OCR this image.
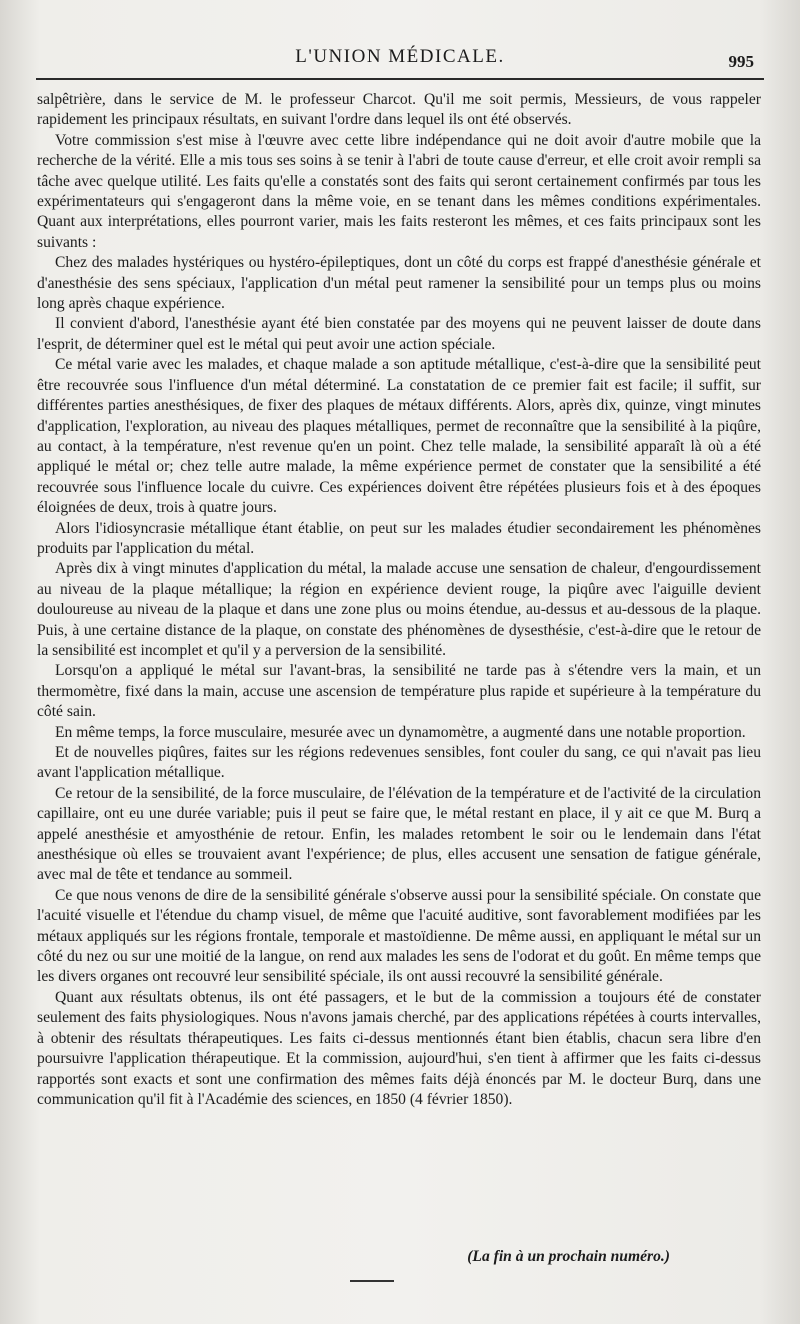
L'UNION MÉDICALE.	995

salpêtrière, dans le service de M. le professeur Charcot. Qu'il me soit permis, Messieurs, de vous rappeler rapidement les principaux résultats, en suivant l'ordre dans lequel ils ont été observés.

Votre commission s'est mise à l'œuvre avec cette libre indépendance qui ne doit avoir d'autre mobile que la recherche de la vérité. Elle a mis tous ses soins à se tenir à l'abri de toute cause d'erreur, et elle croit avoir rempli sa tâche avec quelque utilité. Les faits qu'elle a constatés sont des faits qui seront certainement confirmés par tous les expérimentateurs qui s'engageront dans la même voie, en se tenant dans les mêmes conditions expérimentales. Quant aux interprétations, elles pourront varier, mais les faits resteront les mêmes, et ces faits principaux sont les suivants :

Chez des malades hystériques ou hystéro-épileptiques, dont un côté du corps est frappé d'anesthésie générale et d'anesthésie des sens spéciaux, l'application d'un métal peut ramener la sensibilité pour un temps plus ou moins long après chaque expérience.

Il convient d'abord, l'anesthésie ayant été bien constatée par des moyens qui ne peuvent laisser de doute dans l'esprit, de déterminer quel est le métal qui peut avoir une action spéciale.

Ce métal varie avec les malades, et chaque malade a son aptitude métallique, c'est-à-dire que la sensibilité peut être recouvrée sous l'influence d'un métal déterminé. La constatation de ce premier fait est facile; il suffit, sur différentes parties anesthésiques, de fixer des plaques de métaux différents. Alors, après dix, quinze, vingt minutes d'application, l'exploration, au niveau des plaques métalliques, permet de reconnaître que la sensibilité à la piqûre, au contact, à la température, n'est revenue qu'en un point. Chez telle malade, la sensibilité apparaît là où a été appliqué le métal or; chez telle autre malade, la même expérience permet de constater que la sensibilité a été recouvrée sous l'influence locale du cuivre. Ces expériences doivent être répétées plusieurs fois et à des époques éloignées de deux, trois à quatre jours.

Alors l'idiosyncrasie métallique étant établie, on peut sur les malades étudier secondairement les phénomènes produits par l'application du métal.

Après dix à vingt minutes d'application du métal, la malade accuse une sensation de chaleur, d'engourdissement au niveau de la plaque métallique; la région en expérience devient rouge, la piqûre avec l'aiguille devient douloureuse au niveau de la plaque et dans une zone plus ou moins étendue, au-dessus et au-dessous de la plaque. Puis, à une certaine distance de la plaque, on constate des phénomènes de dysesthésie, c'est-à-dire que le retour de la sensibilité est incomplet et qu'il y a perversion de la sensibilité.

Lorsqu'on a appliqué le métal sur l'avant-bras, la sensibilité ne tarde pas à s'étendre vers la main, et un thermomètre, fixé dans la main, accuse une ascension de température plus rapide et supérieure à la température du côté sain.

En même temps, la force musculaire, mesurée avec un dynamomètre, a augmenté dans une notable proportion.

Et de nouvelles piqûres, faites sur les régions redevenues sensibles, font couler du sang, ce qui n'avait pas lieu avant l'application métallique.

Ce retour de la sensibilité, de la force musculaire, de l'élévation de la température et de l'activité de la circulation capillaire, ont eu une durée variable; puis il peut se faire que, le métal restant en place, il y ait ce que M. Burq a appelé anesthésie et amyosthénie de retour. Enfin, les malades retombent le soir ou le lendemain dans l'état anesthésique où elles se trouvaient avant l'expérience; de plus, elles accusent une sensation de fatigue générale, avec mal de tête et tendance au sommeil.

Ce que nous venons de dire de la sensibilité générale s'observe aussi pour la sensibilité spéciale. On constate que l'acuité visuelle et l'étendue du champ visuel, de même que l'acuité auditive, sont favorablement modifiées par les métaux appliqués sur les régions frontale, temporale et mastoïdienne. De même aussi, en appliquant le métal sur un côté du nez ou sur une moitié de la langue, on rend aux malades les sens de l'odorat et du goût. En même temps que les divers organes ont recouvré leur sensibilité spéciale, ils ont aussi recouvré la sensibilité générale.

Quant aux résultats obtenus, ils ont été passagers, et le but de la commission a toujours été de constater seulement des faits physiologiques. Nous n'avons jamais cherché, par des applications répétées à courts intervalles, à obtenir des résultats thérapeutiques. Les faits ci-dessus mentionnés étant bien établis, chacun sera libre d'en poursuivre l'application thérapeutique. Et la commission, aujourd'hui, s'en tient à affirmer que les faits ci-dessus rapportés sont exacts et sont une confirmation des mêmes faits déjà énoncés par M. le docteur Burq, dans une communication qu'il fit à l'Académie des sciences, en 1850 (4 février 1850).

(La fin à un prochain numéro.)
